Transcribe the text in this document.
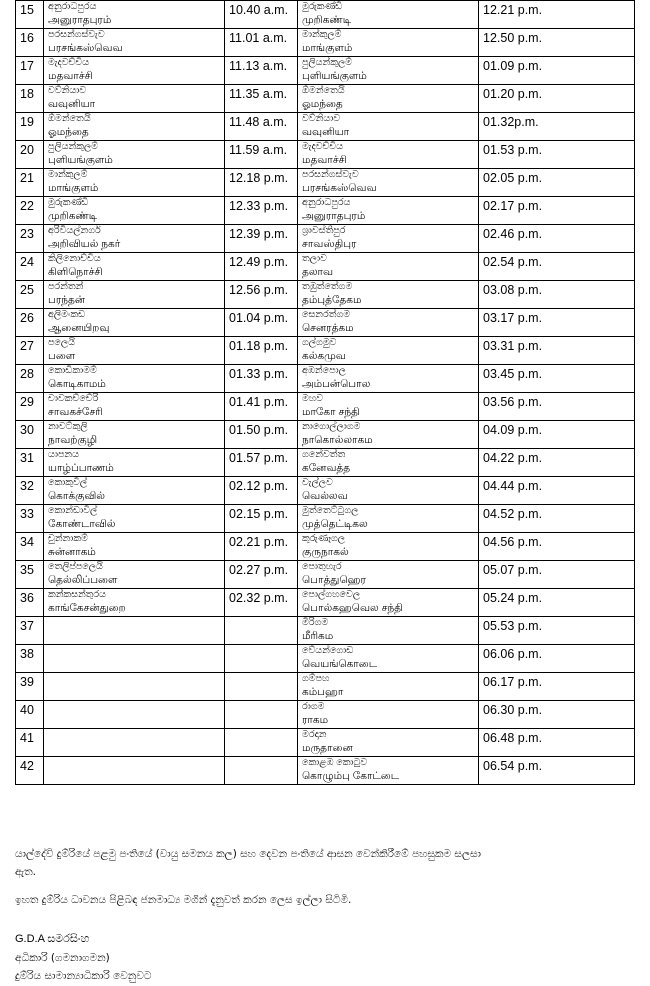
15	අනුරාධපුරය
அனுராதபுரம்	10.40 a.m.	මුරුකණ්ඩි
முறிகண்டி	12.21 p.m.
16	පරසන්ගස්වැව
பரசங்கஸ்வெவ	11.01 a.m.	මාන්කුලම්
மாங்குளம்	12.50 p.m.
17	මැදවච්චිය
மதவாச்சி	11.13 a.m.	පුලියන්කුලම්
புளியங்குளம்	01.09 p.m.
18	වව්නියාව
வவுனியா	11.35 a.m.	ඕමන්තෙයි
ஓமந்தை	01.20 p.m.
19	ඕමන්තෙයි
ஓமந்தை	11.48 a.m.	වව්නියාව
வவுனியா	01.32p.m.
20	පුලියන්කුලම්
புளியங்குளம்	11.59 a.m.	මැදවච්චිය
மதவாச்சி	01.53 p.m.
21	මාන්කුලම්
மாங்குளம்	12.18 p.m.	පරසන්ගස්වැව
பரசங்கஸ்வெவ	02.05 p.m.
22	මුරුකණ්ඩි
முறிகண்டி	12.33 p.m.	අනුරාධපුරය
அனுராதபுரம்	02.17 p.m.
23	අරිවියල්නගර්
அறிவியல் நகர்	12.39 p.m.	ශ්‍රාවස්තිපුර
சாவஸ்திபுர	02.46 p.m.
24	කිලිනොච්චිය
கிளிநொச்சி	12.49 p.m.	තලාව
தலாவ	02.54 p.m.
25	පරන්තන්
பரந்தன்	12.56 p.m.	තඹුත්තේගම
தம்புத்தேகம	03.08 p.m.
26	අලිමංකඩ
ஆனையிறவு	01.04 p.m.	සෙනරත්ගම
செனரத்கம	03.17 p.m.
27	පලෙයි
பளை	01.18 p.m.	ගල්ගමුව
கல்கமுவ	03.31 p.m.
28	කොඩිකාමම්
கொடிகாமம்	01.33 p.m.	අඹන්පොල
அம்பன்பொல	03.45 p.m.
29	චාවකච්චේරි
சாவகச்சேரி	01.41 p.m.	මහව
மாகோ சந்தி	03.56 p.m.
30	නාවට්කුලි
நாவற்குழி	01.50 p.m.	නාගොල්ලාගම
நாகொல்லாகம	04.09 p.m.
31	යාපනය
யாழ்ப்பாணம்	01.57 p.m.	ගනේවත්ත
கனேவத்த	04.22 p.m.
32	කොකුවිල්
கொக்குவில்	02.12 p.m.	වැල්ලව
வெல்லவ	04.44 p.m.
33	කොන්ඩාවිල්
கோண்டாவில்	02.15 p.m.	මුත්තෙට්ටුගල
முத்தெட்டிகல	04.52 p.m.
34	චුන්නාකම්
சுன்னாகம்	02.21 p.m.	කුරුණෑගල
குருநாகல்	04.56 p.m.
35	තෙලිප්පලෙයි
தெல்லிப்பளை	02.27 p.m.	පොතුහැර
பொத்துஹெர	05.07 p.m.
36	කන්කසන්තුරය
காங்கேசன்துறை	02.32 p.m.	පොල්ගහවෙල
பொல்கஹவெல சந்தி	05.24 p.m.
37			මීරිගම
மீரிகம	05.53 p.m.
38			වේයන්ගොඩ
வெயங்கொடை	06.06 p.m.
39			ගම්පහ
கம்பஹா	06.17 p.m.
40			රාගම
ராகம	06.30 p.m.
41			මරදාන
மருதானை	06.48 p.m.
42			කොළඹ කොටුව
கொழும்பு கோட்டை	06.54 p.m.
යාල්දේවි දුම්රියේ පළමු පංතියේ (වායු සමනය කල) සහ දෙවන පංතියේ ආසන වෙන්කිරීමේ පහසුකම සලසා
ඇත.
ඉහත දුම්රිය ධාවනය පිළිබඳ ජනමාධ්‍ය මගින් දැනුවත් කරන ලෙස ඉල්ලා සිටිමි.
G.D.A සමරසිංහ
අධිකාරි (ගමනාගමන)
දුම්රිය සාමාන්‍යාධිකාරි වෙනුවට
